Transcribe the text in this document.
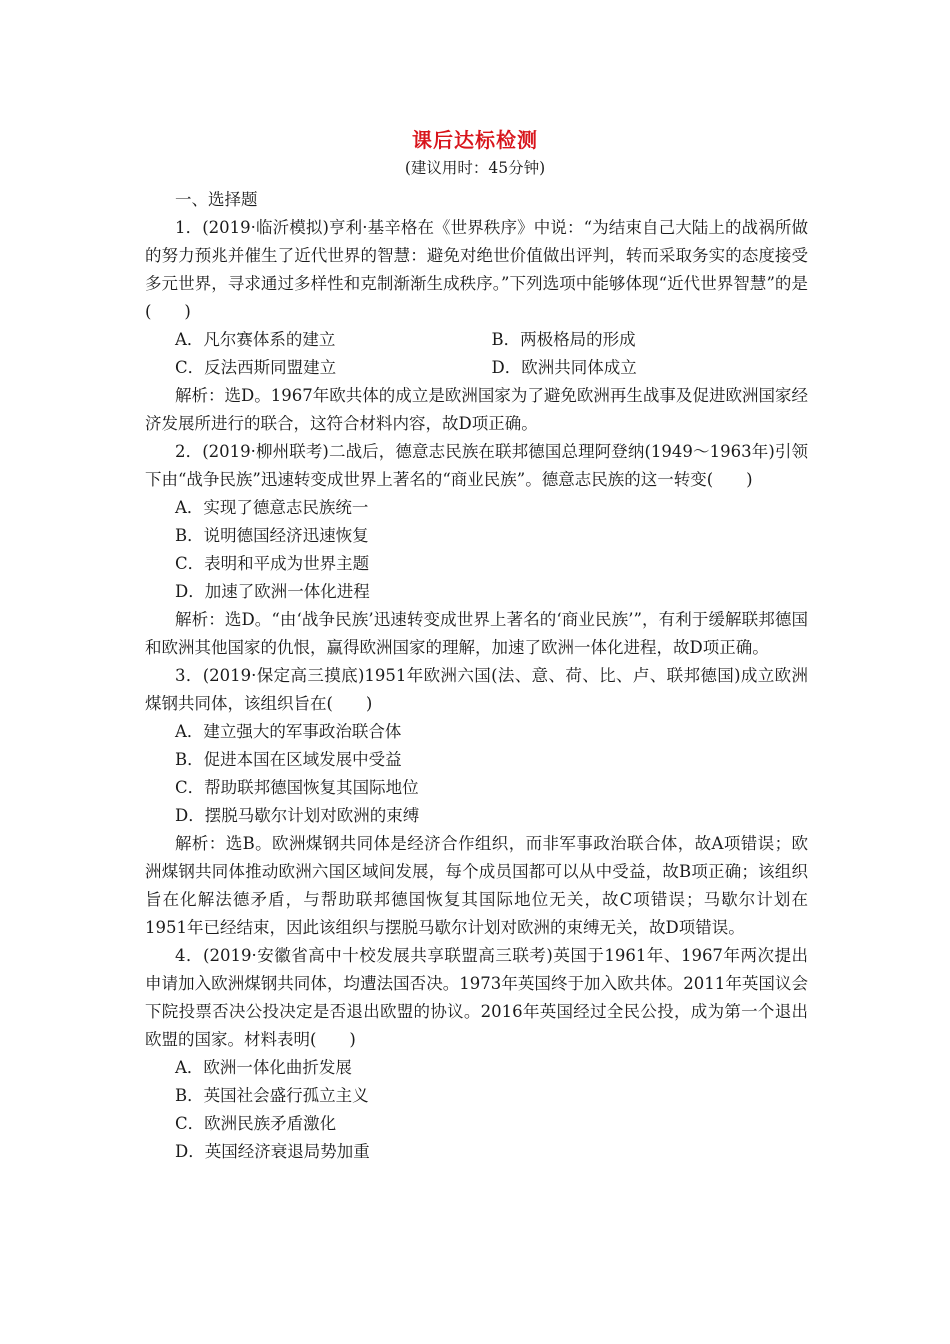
课后达标检测
(建议用时：45分钟)
一、选择题

1．(2019·临沂模拟)亨利·基辛格在《世界秩序》中说：“为结束自己大陆上的战祸所做的努力预兆并催生了近代世界的智慧：避免对绝世价值做出评判，转而采取务实的态度接受多元世界，寻求通过多样性和克制渐渐生成秩序。”下列选项中能够体现“近代世界智慧”的是(　　)

A．凡尔赛体系的建立	B．两极格局的形成
C．反法西斯同盟建立	D．欧洲共同体成立

解析：选D。1967年欧共体的成立是欧洲国家为了避免欧洲再生战事及促进欧洲国家经济发展所进行的联合，这符合材料内容，故D项正确。

2．(2019·柳州联考)二战后，德意志民族在联邦德国总理阿登纳(1949～1963年)引领下由“战争民族”迅速转变成世界上著名的“商业民族”。德意志民族的这一转变(　　)

A．实现了德意志民族统一
B．说明德国经济迅速恢复
C．表明和平成为世界主题
D．加速了欧洲一体化进程

解析：选D。“由‘战争民族’迅速转变成世界上著名的‘商业民族’”，有利于缓解联邦德国和欧洲其他国家的仇恨，赢得欧洲国家的理解，加速了欧洲一体化进程，故D项正确。

3．(2019·保定高三摸底)1951年欧洲六国(法、意、荷、比、卢、联邦德国)成立欧洲煤钢共同体，该组织旨在(　　)

A．建立强大的军事政治联合体
B．促进本国在区域发展中受益
C．帮助联邦德国恢复其国际地位
D．摆脱马歇尔计划对欧洲的束缚

解析：选B。欧洲煤钢共同体是经济合作组织，而非军事政治联合体，故A项错误；欧洲煤钢共同体推动欧洲六国区域间发展，每个成员国都可以从中受益，故B项正确；该组织旨在化解法德矛盾，与帮助联邦德国恢复其国际地位无关，故C项错误；马歇尔计划在1951年已经结束，因此该组织与摆脱马歇尔计划对欧洲的束缚无关，故D项错误。

4．(2019·安徽省高中十校发展共享联盟高三联考)英国于1961年、1967年两次提出申请加入欧洲煤钢共同体，均遭法国否决。1973年英国终于加入欧共体。2011年英国议会下院投票否决公投决定是否退出欧盟的协议。2016年英国经过全民公投，成为第一个退出欧盟的国家。材料表明(　　)

A．欧洲一体化曲折发展
B．英国社会盛行孤立主义
C．欧洲民族矛盾激化
D．英国经济衰退局势加重
